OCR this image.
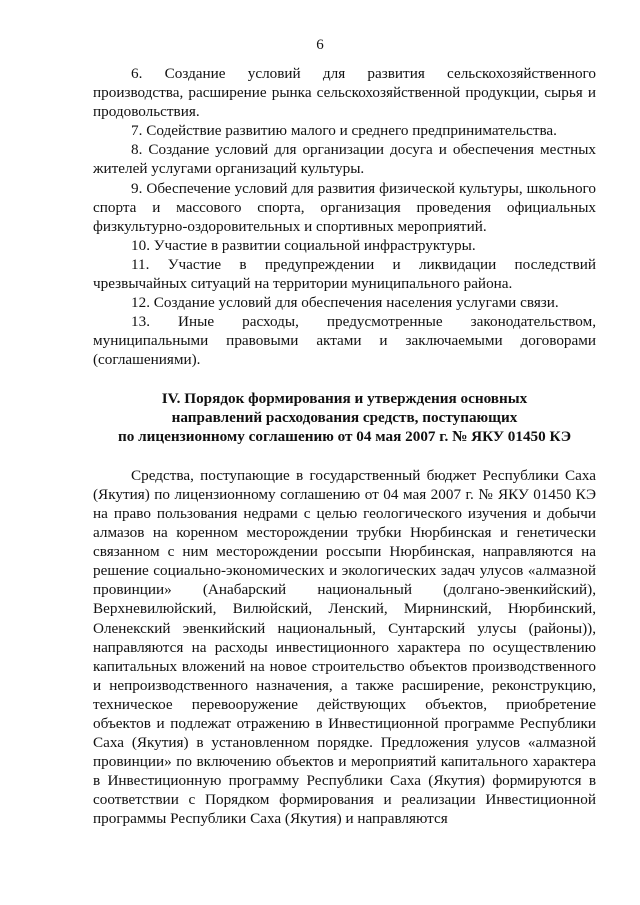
6

6. Создание условий для развития сельскохозяйственного производства, расширение рынка сельскохозяйственной продукции, сырья и продовольствия.

7. Содействие развитию малого и среднего предпринимательства.

8. Создание условий для организации досуга и обеспечения местных жителей услугами организаций культуры.

9. Обеспечение условий для развития физической культуры, школьного спорта и массового спорта, организация проведения официальных физкультурно-оздоровительных и спортивных мероприятий.

10. Участие в развитии социальной инфраструктуры.

11. Участие в предупреждении и ликвидации последствий чрезвычайных ситуаций на территории муниципального района.

12. Создание условий для обеспечения населения услугами связи.

13. Иные расходы, предусмотренные законодательством, муниципальными правовыми актами и заключаемыми договорами (соглашениями).

IV. Порядок формирования и утверждения основных
направлений расходования средств, поступающих
по лицензионному соглашению от 04 мая 2007 г. № ЯКУ 01450 КЭ

Средства, поступающие в государственный бюджет Республики Саха (Якутия) по лицензионному соглашению от 04 мая 2007 г. № ЯКУ 01450 КЭ на право пользования недрами с целью геологического изучения и добычи алмазов на коренном месторождении трубки Нюрбинская и генетически связанном с ним месторождении россыпи Нюрбинская, направляются на решение социально-экономических и экологических задач улусов «алмазной провинции» (Анабарский национальный (долгано-эвенкийский), Верхневилюйский, Вилюйский, Ленский, Мирнинский, Нюрбинский, Оленекский эвенкийский национальный, Сунтарский улусы (районы)), направляются на расходы инвестиционного характера по осуществлению капитальных вложений на новое строительство объектов производственного и непроизводственного назначения, а также расширение, реконструкцию, техническое перевооружение действующих объектов, приобретение объектов и подлежат отражению в Инвестиционной программе Республики Саха (Якутия) в установленном порядке. Предложения улусов «алмазной провинции» по включению объектов и мероприятий капитального характера в Инвестиционную программу Республики Саха (Якутия) формируются в соответствии с Порядком формирования и реализации Инвестиционной программы Республики Саха (Якутия) и направляются
